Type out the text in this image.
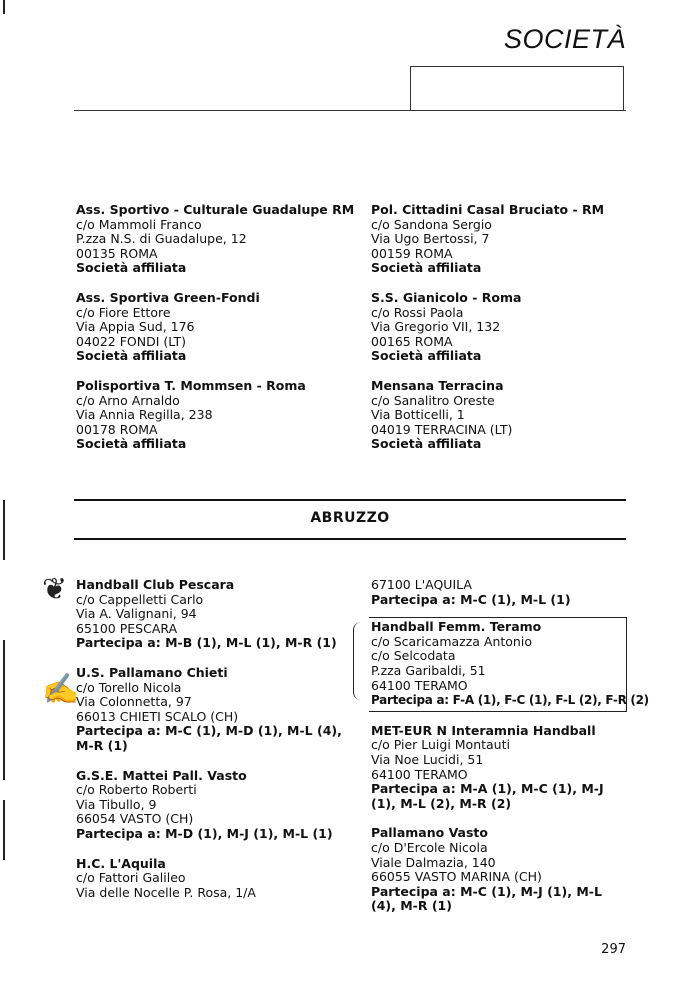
❦
✍
SOCIETÀ
Ass. Sportivo - Culturale Guadalupe RM
c/o Mammoli Franco
P.zza N.S. di Guadalupe, 12
00135 ROMA
Società affiliata
Ass. Sportiva Green-Fondi
c/o Fiore Ettore
Via Appia Sud, 176
04022 FONDI (LT)
Società affiliata
Polisportiva T. Mommsen - Roma
c/o Arno Arnaldo
Via Annia Regilla, 238
00178 ROMA
Società affiliata
Pol. Cittadini Casal Bruciato - RM
c/o Sandona Sergio
Via Ugo Bertossi, 7
00159 ROMA
Società affiliata
S.S. Gianicolo - Roma
c/o Rossi Paola
Via Gregorio VII, 132
00165 ROMA
Società affiliata
Mensana Terracina
c/o Sanalitro Oreste
Via Botticelli, 1
04019 TERRACINA (LT)
Società affiliata
ABRUZZO
Handball Club Pescara
c/o Cappelletti Carlo
Via A. Valignani, 94
65100 PESCARA
Partecipa a: M-B (1), M-L (1), M-R (1)
U.S. Pallamano Chieti
c/o Torello Nicola
Via Colonnetta, 97
66013 CHIETI SCALO (CH)
Partecipa a: M-C (1), M-D (1), M-L (4), M-R (1)
G.S.E. Mattei Pall. Vasto
c/o Roberto Roberti
Via Tibullo, 9
66054 VASTO (CH)
Partecipa a: M-D (1), M-J (1), M-L (1)
H.C. L'Aquila
c/o Fattori Galileo
Via delle Nocelle P. Rosa, 1/A
67100 L'AQUILA
Partecipa a: M-C (1), M-L (1)
Handball Femm. Teramo
c/o Scaricamazza Antonio
c/o Selcodata
P.zza Garibaldi, 51
64100 TERAMO
Partecipa a: F-A (1), F-C (1), F-L (2), F-R (2)
MET-EUR N Interamnia Handball
c/o Pier Luigi Montauti
Via Noe Lucidi, 51
64100 TERAMO
Partecipa a: M-A (1), M-C (1), M-J (1), M-L (2), M-R (2)
Pallamano Vasto
c/o D'Ercole Nicola
Viale Dalmazia, 140
66055 VASTO MARINA (CH)
Partecipa a: M-C (1), M-J (1), M-L (4), M-R (1)
297
